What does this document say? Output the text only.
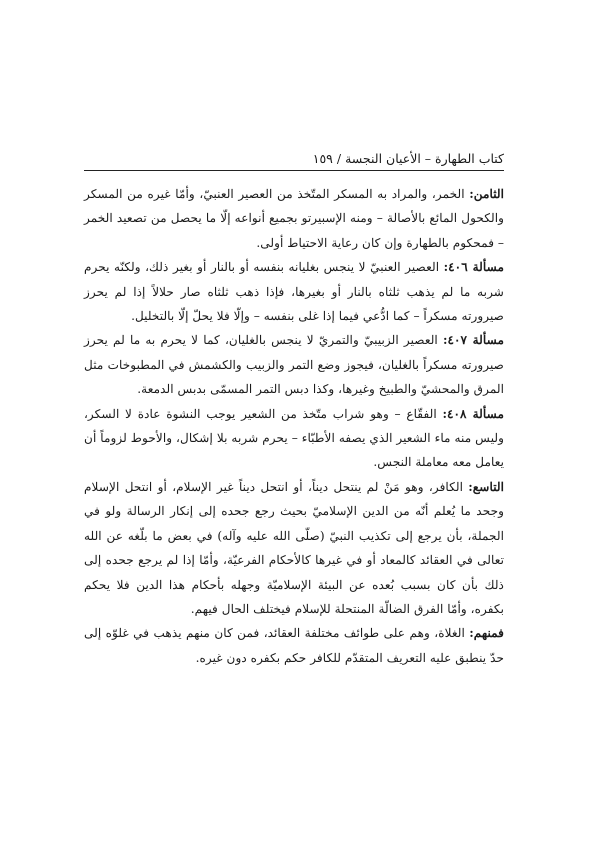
كتاب الطهارة – الأعيان النجسة / ١٥٩

الثامن: الخمر، والمراد به المسكر المتّخذ من العصير العنبيّ، وأمّا غيره من المسكر والكحول المائع بالأصالة – ومنه الإسبيرتو بجميع أنواعه إلّا ما يحصل من تصعيد الخمر – فمحكوم بالطهارة وإن كان رعاية الاحتياط أولى.

مسألة ٤٠٦: العصير العنبيّ لا ينجس بغليانه بنفسه أو بالنار أو بغير ذلك، ولكنّه يحرم شربه ما لم يذهب ثلثاه بالنار أو بغيرها، فإذا ذهب ثلثاه صار حلالاً إذا لم يحرز صيرورته مسكراً – كما ادُّعي فيما إذا غلى بنفسه – وإلّا فلا يحلّ إلّا بالتخليل.

مسألة ٤٠٧: العصير الزبيبيّ والتمريّ لا ينجس بالغليان، كما لا يحرم به ما لم يحرز صيرورته مسكراً بالغليان، فيجوز وضع التمر والزبيب والكشمش في المطبوخات مثل المرق والمحشيّ والطبيخ وغيرها، وكذا دبس التمر المسمّى بدبس الدمعة.

مسألة ٤٠٨: الفقّاع – وهو شراب متّخذ من الشعير يوجب النشوة عادة لا السكر، وليس منه ماء الشعير الذي يصفه الأطبّاء – يحرم شربه بلا إشكال، والأحوط لزوماً أن يعامل معه معاملة النجس.

التاسع: الكافر، وهو مَنْ لم ينتحل ديناً، أو انتحل ديناً غير الإسلام، أو انتحل الإسلام وجحد ما يُعلم أنّه من الدين الإسلاميّ بحيث رجع جحده إلى إنكار الرسالة ولو في الجملة، بأن يرجع إلى تكذيب النبيّ (صلّى الله عليه وآله) في بعض ما بلّغه عن الله تعالى في العقائد كالمعاد أو في غيرها كالأحكام الفرعيّة، وأمّا إذا لم يرجع جحده إلى ذلك بأن كان بسبب بُعده عن البيئة الإسلاميّة وجهله بأحكام هذا الدين فلا يحكم بكفره، وأمّا الفرق الضالّة المنتحلة للإسلام فيختلف الحال فيهم.

فمنهم: الغلاة، وهم على طوائف مختلفة العقائد، فمن كان منهم يذهب في غلوّه إلى حدّ ينطبق عليه التعريف المتقدّم للكافر حكم بكفره دون غيره.
